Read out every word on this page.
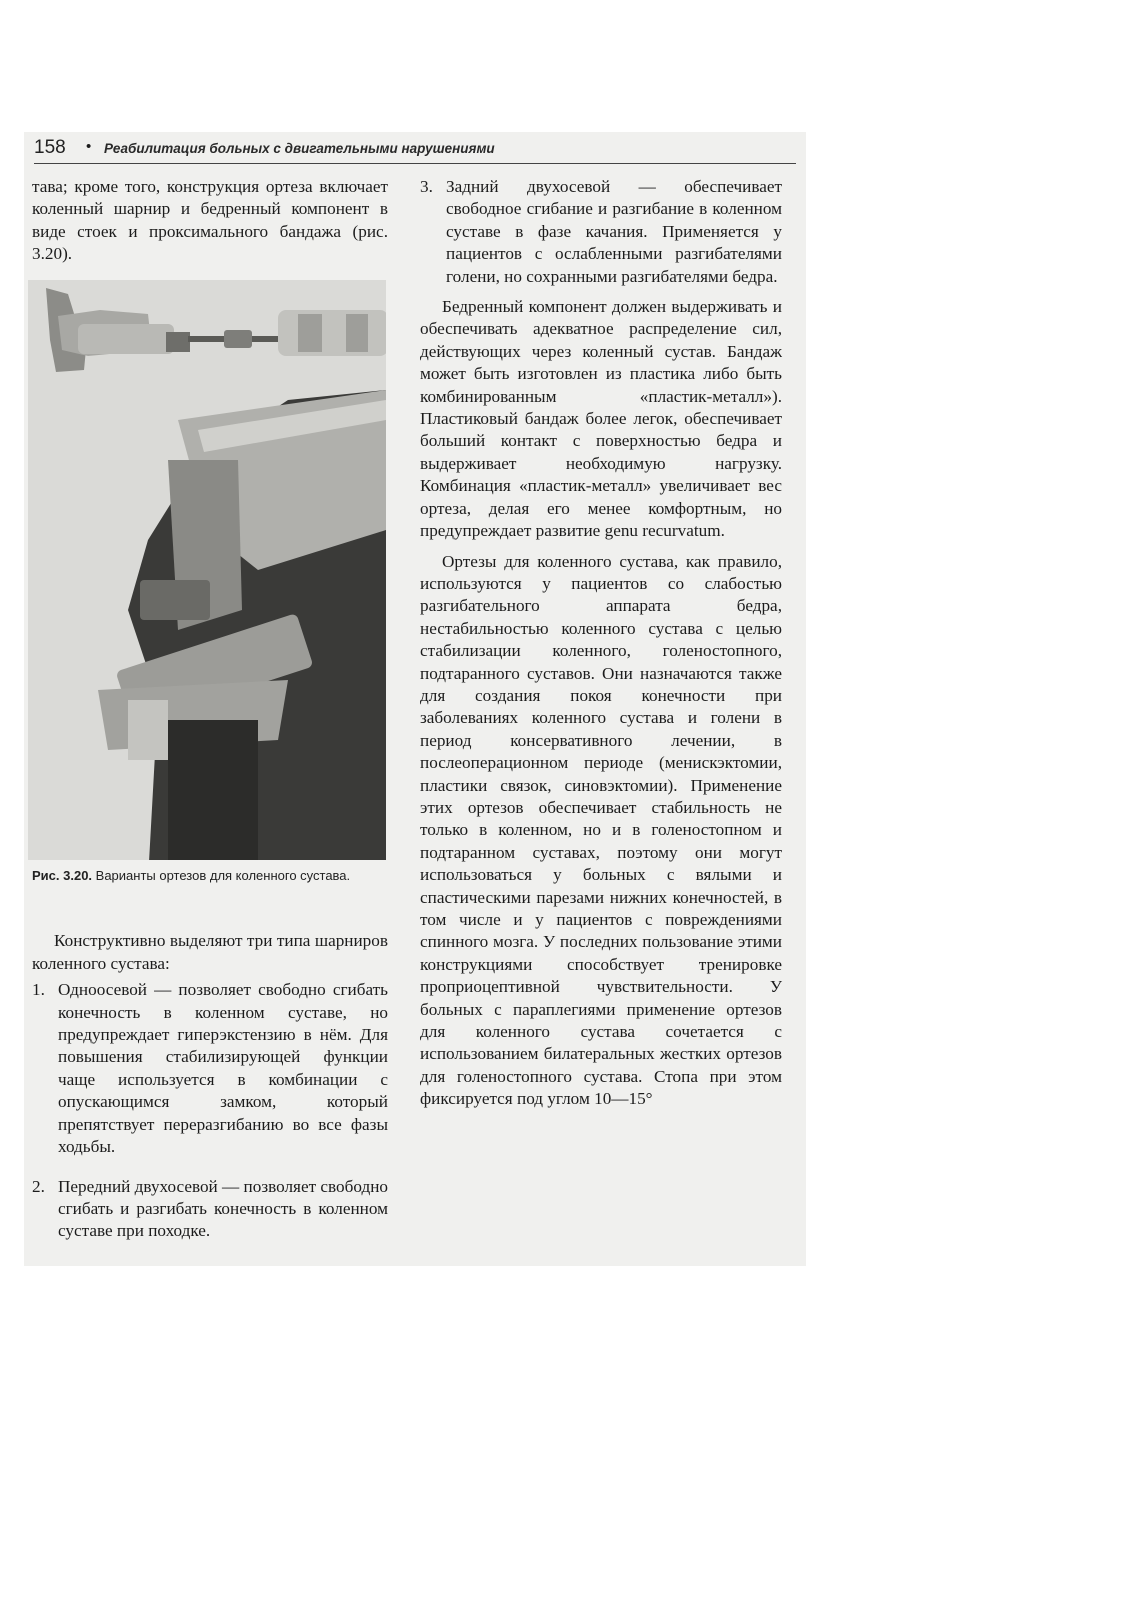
158 • Реабилитация больных с двигательными нарушениями

тава; кроме того, конструкция ортеза включает коленный шарнир и бедренный компонент в виде стоек и проксимального бандажа (рис. 3.20).

Рис. 3.20. Варианты ортезов для коленного сустава.

Конструктивно выделяют три типа шарниров коленного сустава:

1. Одноосевой — позволяет свободно сгибать конечность в коленном суставе, но предупреждает гиперэкстензию в нём. Для повышения стабилизирующей функции чаще используется в комбинации с опускающимся замком, который препятствует переразгибанию во все фазы ходьбы.

2. Передний двухосевой — позволяет свободно сгибать и разгибать конечность в коленном суставе при походке.

3. Задний двухосевой — обеспечивает свободное сгибание и разгибание в коленном суставе в фазе качания. Применяется у пациентов с ослабленными разгибателями голени, но сохранными разгибателями бедра.

Бедренный компонент должен выдерживать и обеспечивать адекватное распределение сил, действующих через коленный сустав. Бандаж может быть изготовлен из пластика либо быть комбинированным «пластик-металл»). Пластиковый бандаж более легок, обеспечивает больший контакт с поверхностью бедра и выдерживает необходимую нагрузку. Комбинация «пластик-металл» увеличивает вес ортеза, делая его менее комфортным, но предупреждает развитие genu recurvatum.

Ортезы для коленного сустава, как правило, используются у пациентов со слабостью разгибательного аппарата бедра, нестабильностью коленного сустава с целью стабилизации коленного, голеностопного, подтаранного суставов. Они назначаются также для создания покоя конечности при заболеваниях коленного сустава и голени в период консервативного лечении, в послеоперационном периоде (менискэктомии, пластики связок, синовэктомии). Применение этих ортезов обеспечивает стабильность не только в коленном, но и в голеностопном и подтаранном суставах, поэтому они могут использоваться у больных с вялыми и спастическими парезами нижних конечностей, в том числе и у пациентов с повреждениями спинного мозга. У последних пользование этими конструкциями способствует тренировке проприоцептивной чувствительности. У больных с параплегиями применение ортезов для коленного сустава сочетается с использованием билатеральных жестких ортезов для голеностопного сустава. Стопа при этом фиксируется под углом 10—15°
